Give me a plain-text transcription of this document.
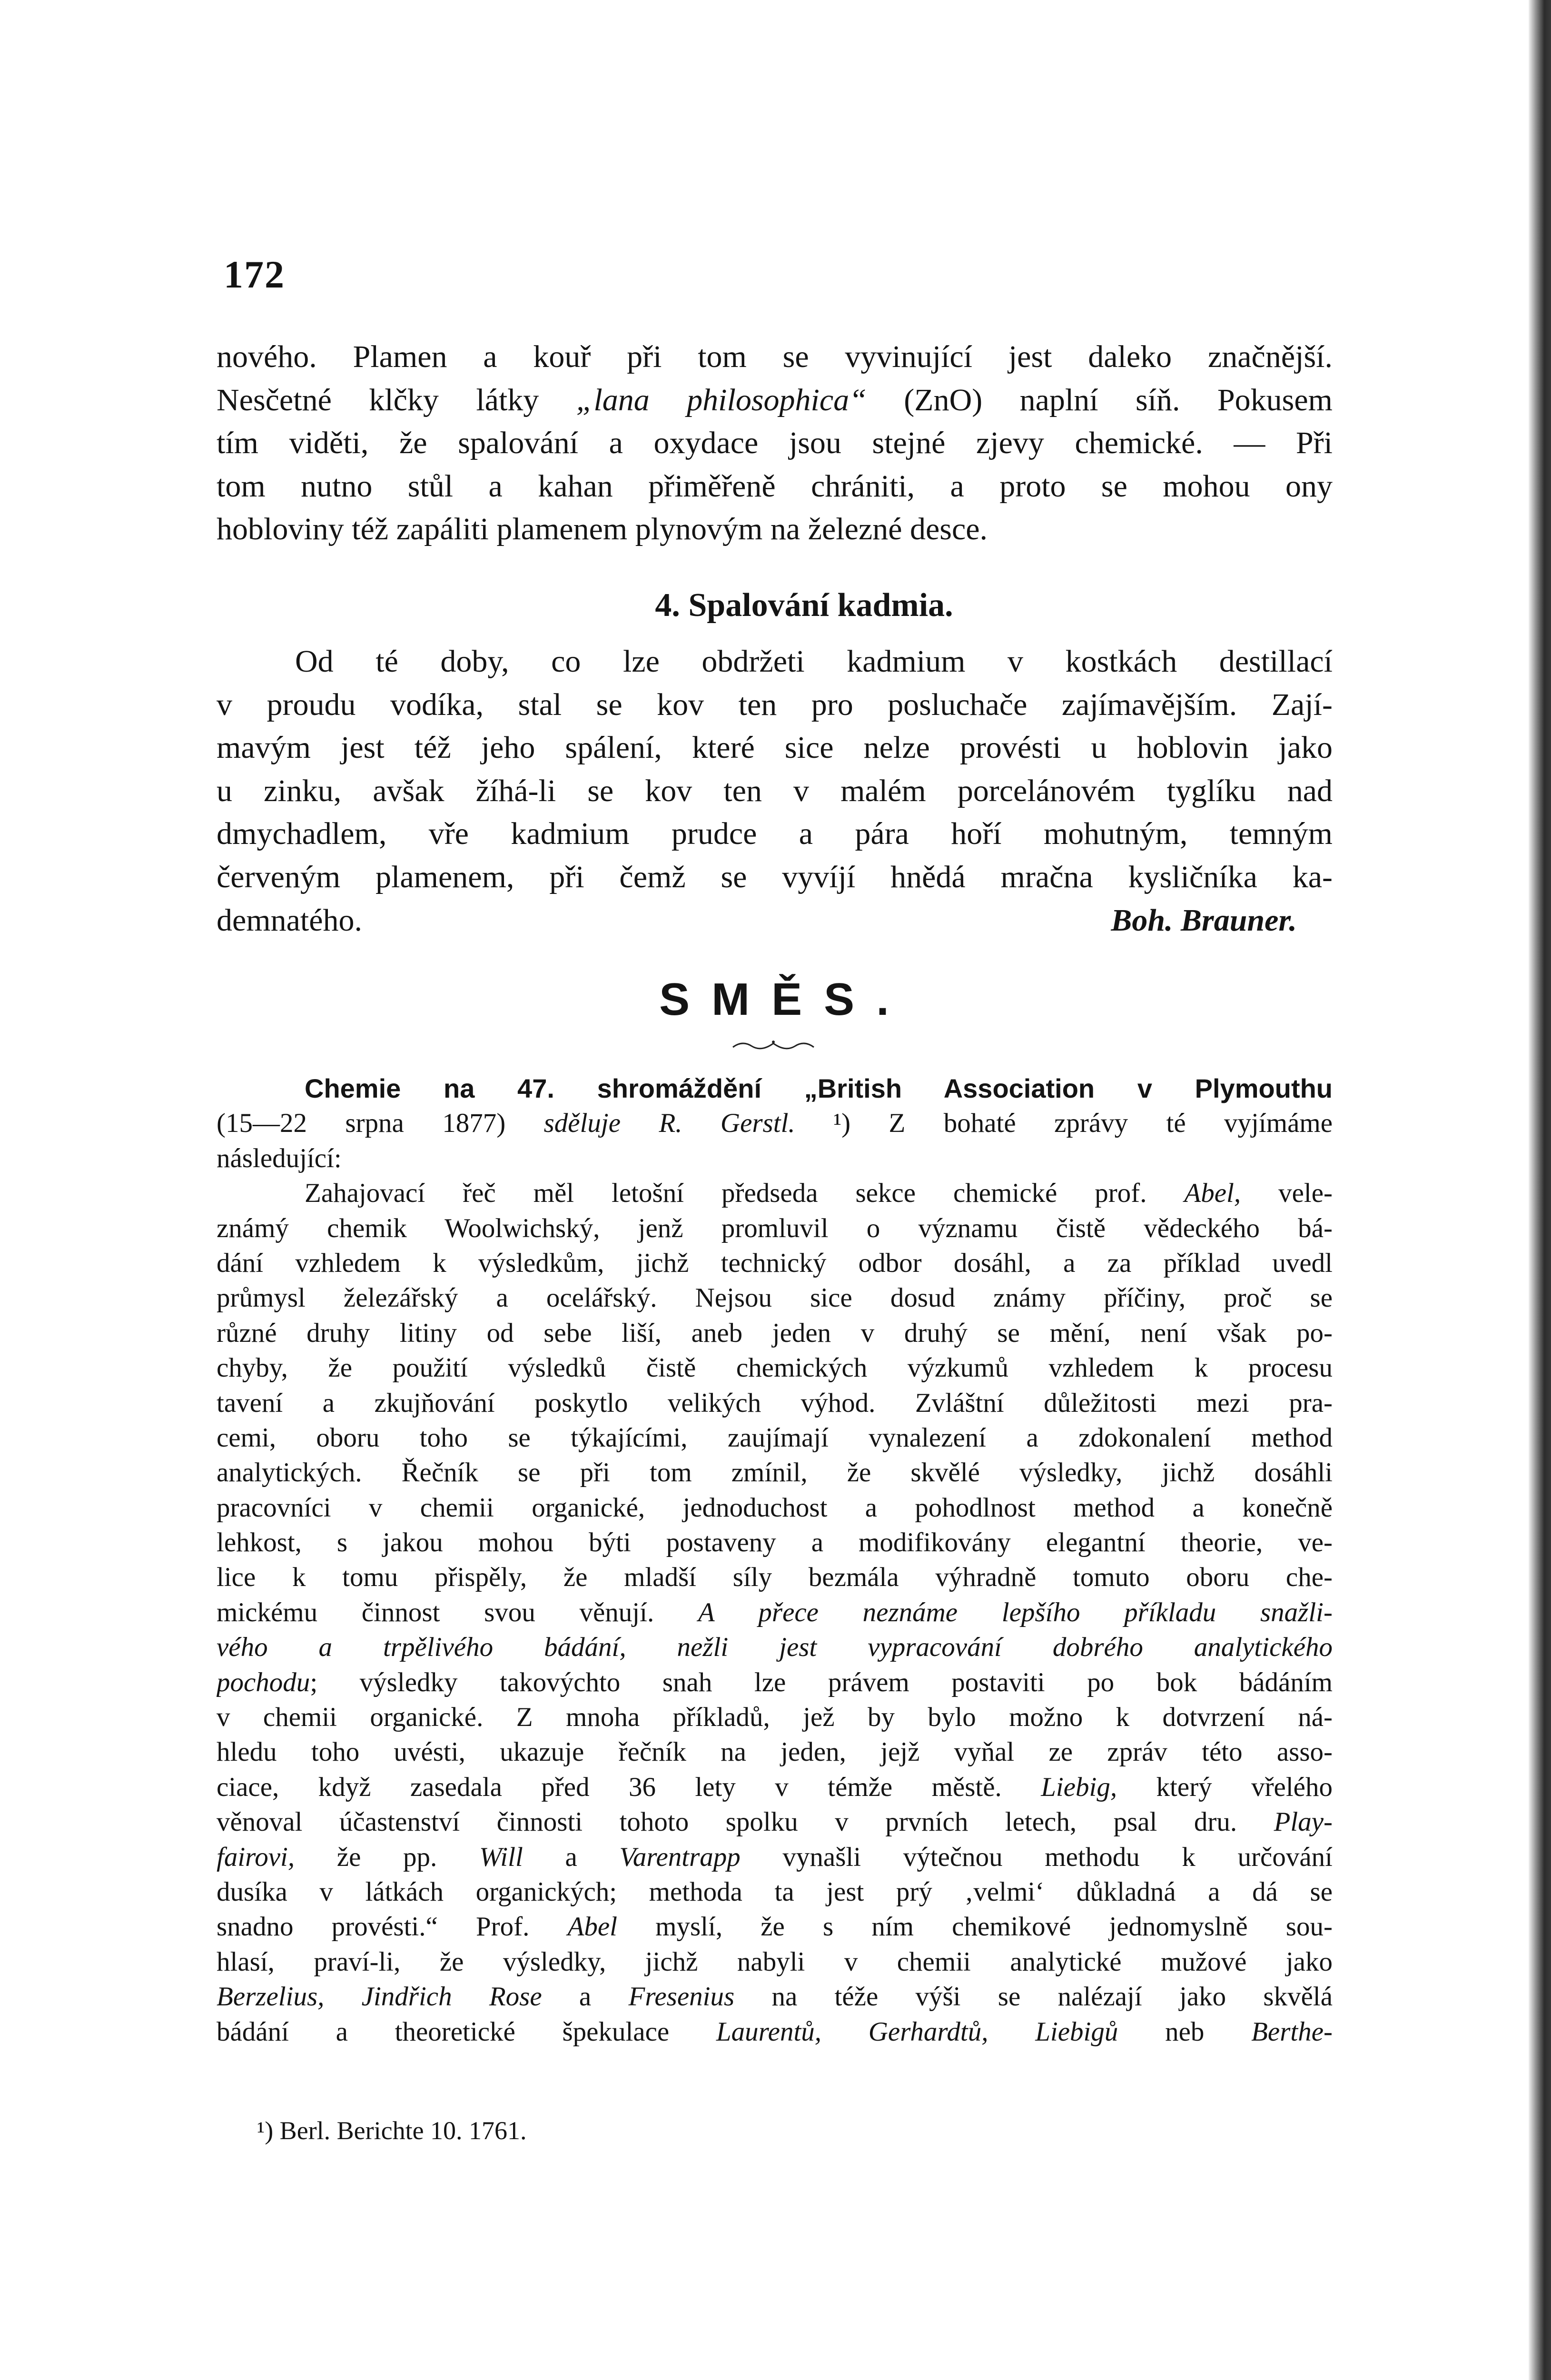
172
nového. Plamen a kouř při tom se vyvinující jest daleko značnější.
Nesčetné klčky látky „lana philosophica“ (ZnO) naplní síň. Pokusem
tím viděti, že spalování a oxydace jsou stejné zjevy chemické. — Při
tom nutno stůl a kahan přiměřeně chrániti, a proto se mohou ony
hobloviny též zapáliti plamenem plynovým na železné desce.
4. Spalování kadmia.
Od té doby, co lze obdržeti kadmium v kostkách destillací
v proudu vodíka, stal se kov ten pro posluchače zajímavějším. Zají-
mavým jest též jeho spálení, které sice nelze provésti u hoblovin jako
u zinku, avšak žíhá-li se kov ten v malém porcelánovém tyglíku nad
dmychadlem, vře kadmium prudce a pára hoří mohutným, temným
červeným plamenem, při čemž se vyvíjí hnědá mračna kysličníka ka-
demnatého.	Boh. Brauner.
SMĚS.
Chemie na 47. shromáždění „British Association v Plymouthu
(15—22 srpna 1877) sděluje R. Gerstl. ¹) Z bohaté zprávy té vyjímáme
následující:
Zahajovací řeč měl letošní předseda sekce chemické prof. Abel, vele-
známý chemik Woolwichský, jenž promluvil o významu čistě vědeckého bá-
dání vzhledem k výsledkům, jichž technický odbor dosáhl, a za příklad uvedl
průmysl železářský a ocelářský. Nejsou sice dosud známy příčiny, proč se
různé druhy litiny od sebe liší, aneb jeden v druhý se mění, není však po-
chyby, že použití výsledků čistě chemických výzkumů vzhledem k procesu
tavení a zkujňování poskytlo velikých výhod. Zvláštní důležitosti mezi pra-
cemi, oboru toho se týkajícími, zaujímají vynalezení a zdokonalení method
analytických. Řečník se při tom zmínil, že skvělé výsledky, jichž dosáhli
pracovníci v chemii organické, jednoduchost a pohodlnost method a konečně
lehkost, s jakou mohou býti postaveny a modifikovány elegantní theorie, ve-
lice k tomu přispěly, že mladší síly bezmála výhradně tomuto oboru che-
mickému činnost svou věnují. A přece neznáme lepšího příkladu snažli-
vého a trpělivého bádání, nežli jest vypracování dobrého analytického
pochodu; výsledky takovýchto snah lze právem postaviti po bok bádáním
v chemii organické. Z mnoha příkladů, jež by bylo možno k dotvrzení ná-
hledu toho uvésti, ukazuje řečník na jeden, jejž vyňal ze zpráv této asso-
ciace, když zasedala před 36 lety v témže městě. Liebig, který vřelého
věnoval účastenství činnosti tohoto spolku v prvních letech, psal dru. Play-
fairovi, že pp. Will a Varentrapp vynašli výtečnou methodu k určování
dusíka v látkách organických; methoda ta jest prý ‚velmi‘ důkladná a dá se
snadno provésti.“ Prof. Abel myslí, že s ním chemikové jednomyslně sou-
hlasí, praví-li, že výsledky, jichž nabyli v chemii analytické mužové jako
Berzelius, Jindřich Rose a Fresenius na téže výši se nalézají jako skvělá
bádání a theoretické špekulace Laurentů, Gerhardtů, Liebigů neb Berthe-
¹) Berl. Berichte 10. 1761.
